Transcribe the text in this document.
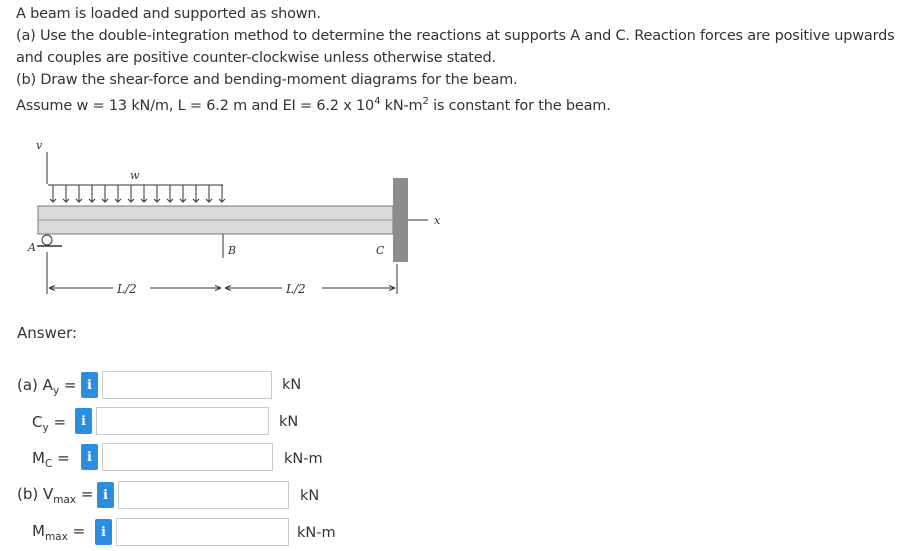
A beam is loaded and supported as shown.

(a) Use the double-integration method to determine the reactions at supports A and C. Reaction forces are positive upwards and couples are positive counter-clockwise unless otherwise stated.

(b) Draw the shear-force and bending-moment diagrams for the beam.

Assume w = 13 kN/m, L = 6.2 m and EI = 6.2 x $10^4$ $kN-m^2$ is constant for the beam.

v
w
x
A	B	C
L/2	L/2
Answer:
(a) $A_y = i$	kN
$C_y$ =	i	kN
$M_C$ =	i	kN-m
(b) $V_{max} = i$	kN
$M_{max}$ =	i	kN-m
